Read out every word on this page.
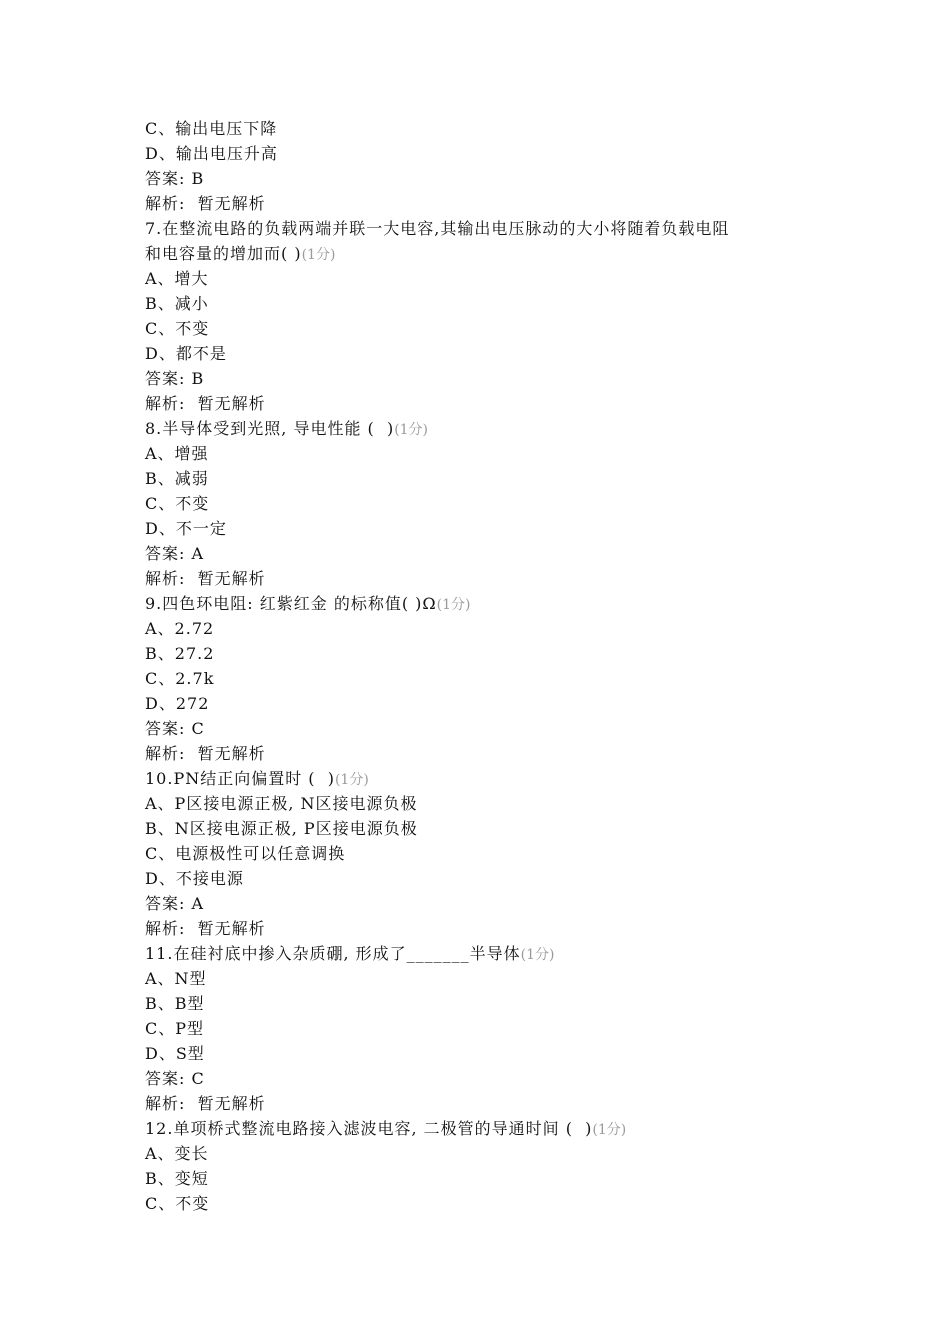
C、输出电压下降
D、输出电压升高
答案: B
解析:  暂无解析
7.在整流电路的负载两端并联一大电容,其输出电压脉动的大小将随着负载电阻
和电容量的增加而( )(1分)
A、增大
B、减小
C、不变
D、都不是
答案: B
解析:  暂无解析
8.半导体受到光照, 导电性能 (  )(1分)
A、增强
B、减弱
C、不变
D、不一定
答案: A
解析:  暂无解析
9.四色环电阻: 红紫红金 的标称值( )Ω(1分)
A、2.72
B、27.2
C、2.7k
D、272
答案: C
解析:  暂无解析
10.PN结正向偏置时 (  )(1分)
A、P区接电源正极, N区接电源负极
B、N区接电源正极, P区接电源负极
C、电源极性可以任意调换
D、不接电源
答案: A
解析:  暂无解析
11.在硅衬底中掺入杂质硼, 形成了_______半导体(1分)
A、N型
B、B型
C、P型
D、S型
答案: C
解析:  暂无解析
12.单项桥式整流电路接入滤波电容, 二极管的导通时间 (  )(1分)
A、变长
B、变短
C、不变
